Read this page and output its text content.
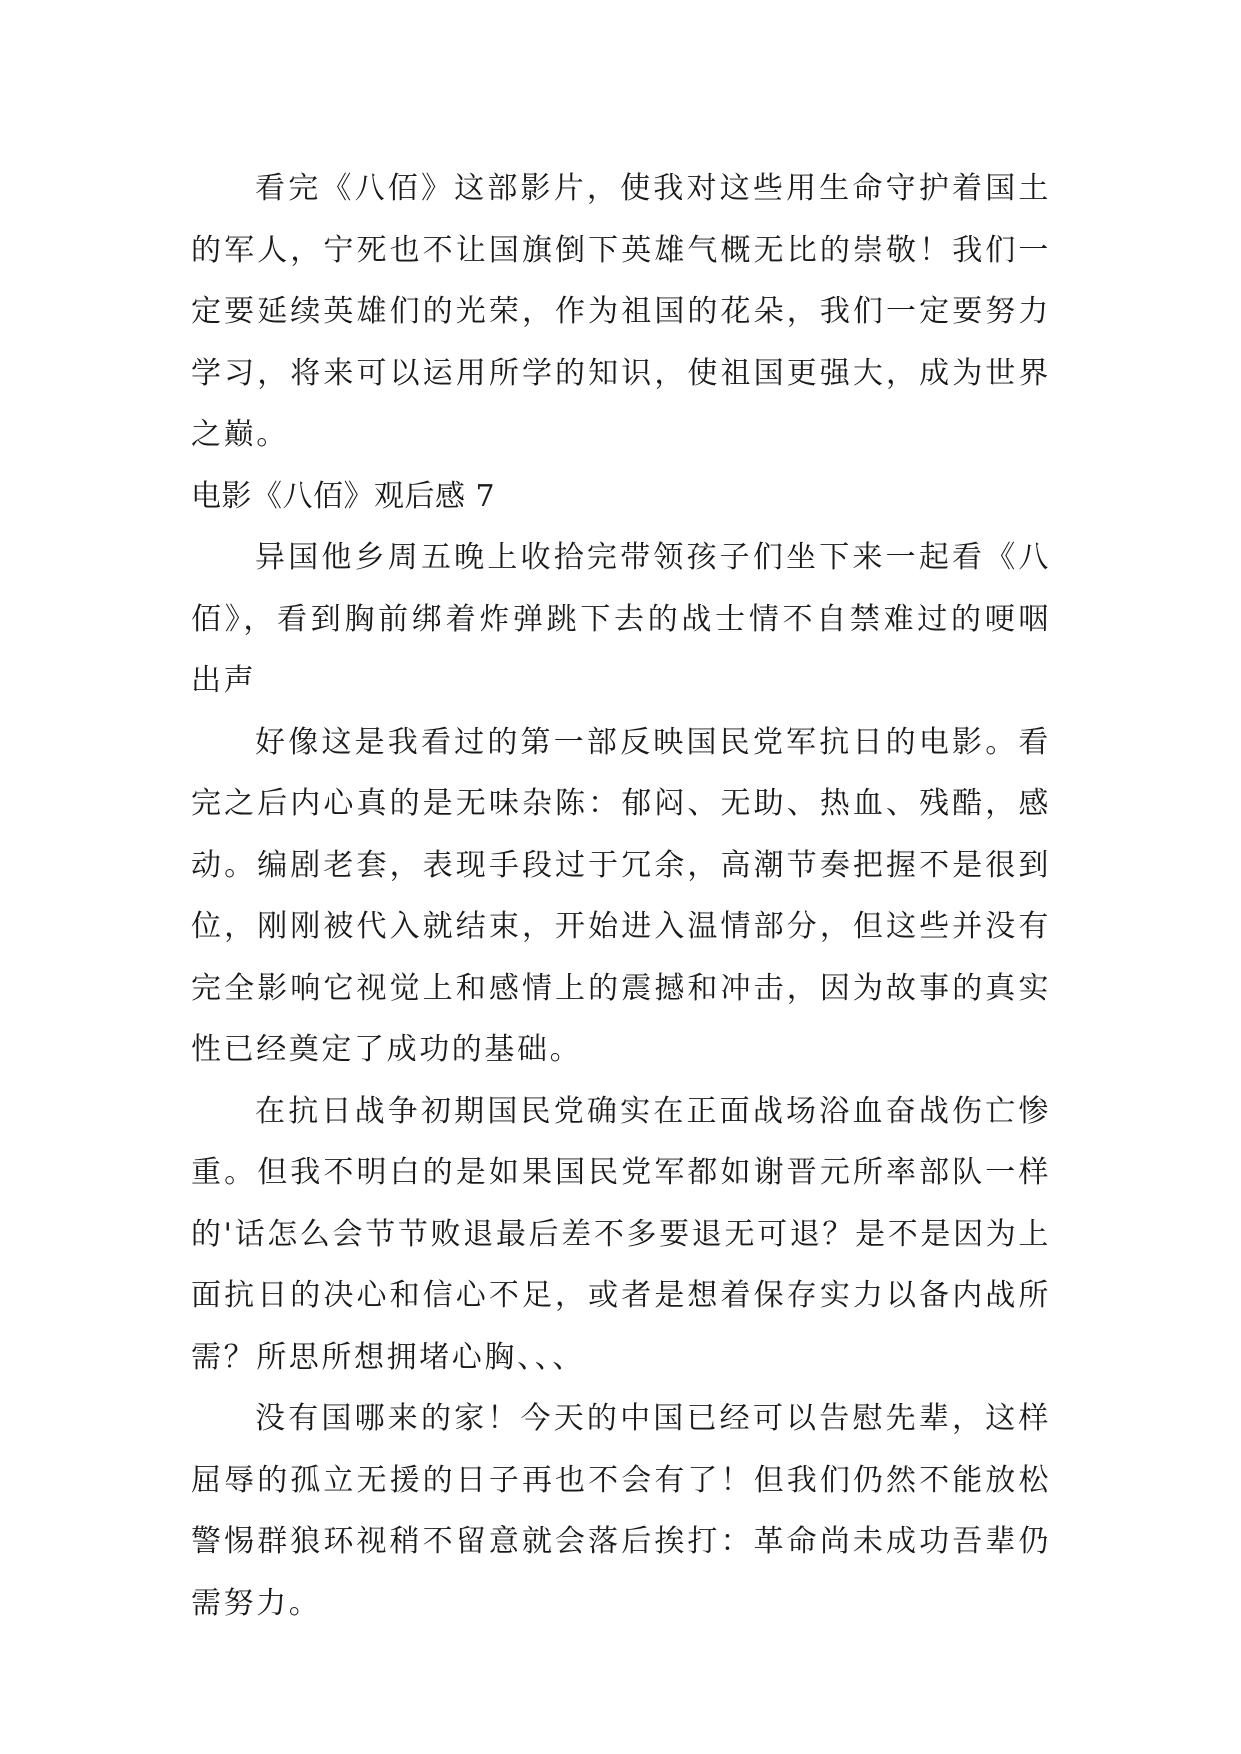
看完《八佰》这部影片，使我对这些用生命守护着国土的军人，宁死也不让国旗倒下英雄气概无比的崇敬！我们一定要延续英雄们的光荣，作为祖国的花朵，我们一定要努力学习，将来可以运用所学的知识，使祖国更强大，成为世界之巅。

电影《八佰》观后感 7

异国他乡周五晚上收拾完带领孩子们坐下来一起看《八佰》，看到胸前绑着炸弹跳下去的战士情不自禁难过的哽咽出声

好像这是我看过的第一部反映国民党军抗日的电影。看完之后内心真的是无味杂陈：郁闷、无助、热血、残酷，感动。编剧老套，表现手段过于冗余，高潮节奏把握不是很到位，刚刚被代入就结束，开始进入温情部分，但这些并没有完全影响它视觉上和感情上的震撼和冲击，因为故事的真实性已经奠定了成功的基础。

在抗日战争初期国民党确实在正面战场浴血奋战伤亡惨重。但我不明白的是如果国民党军都如谢晋元所率部队一样的'话怎么会节节败退最后差不多要退无可退？是不是因为上面抗日的决心和信心不足，或者是想着保存实力以备内战所需？所思所想拥堵心胸、、、

没有国哪来的家！今天的中国已经可以告慰先辈，这样屈辱的孤立无援的日子再也不会有了！但我们仍然不能放松警惕群狼环视稍不留意就会落后挨打：革命尚未成功吾辈仍需努力。
